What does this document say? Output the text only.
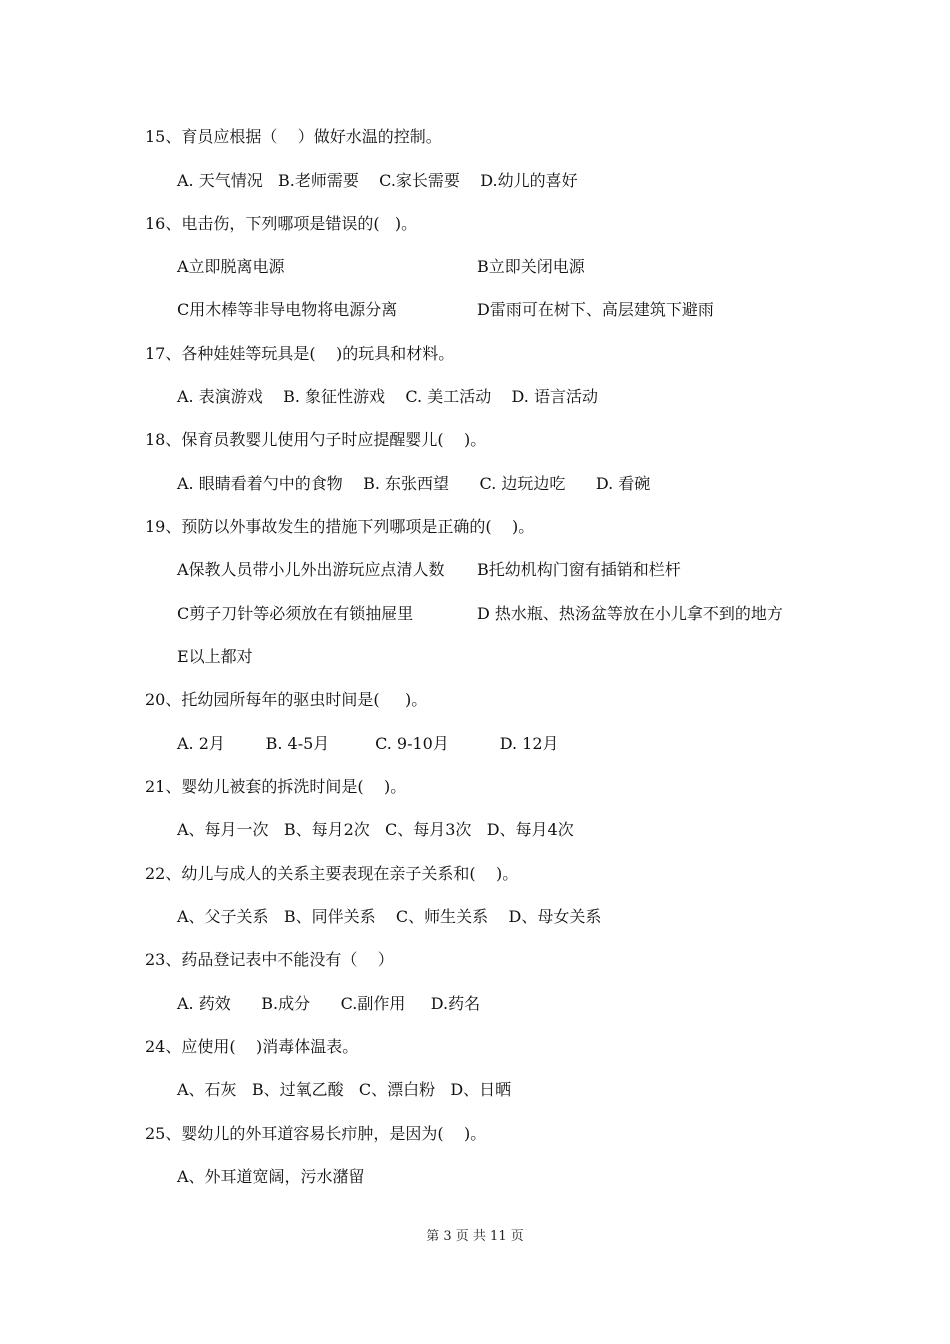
15、育员应根据（    ）做好水温的控制。
A. 天气情况   B.老师需要    C.家长需要    D.幼儿的喜好
16、电击伤，下列哪项是错误的(   )。
A立即脱离电源	B立即关闭电源
C用木棒等非导电物将电源分离	D雷雨可在树下、高层建筑下避雨
17、各种娃娃等玩具是(    )的玩具和材料。
A. 表演游戏    B. 象征性游戏    C. 美工活动    D. 语言活动
18、保育员教婴儿使用勺子时应提醒婴儿(    )。
A. 眼睛看着勺中的食物    B. 东张西望      C. 边玩边吃      D. 看碗
19、预防以外事故发生的措施下列哪项是正确的(    )。
A保教人员带小儿外出游玩应点清人数 B托幼机构门窗有插销和栏杆
C剪子刀针等必须放在有锁抽屉里	D 热水瓶、热汤盆等放在小儿拿不到的地方
E以上都对
20、托幼园所每年的驱虫时间是(     )。
A. 2月        B. 4-5月         C. 9-10月          D. 12月
21、婴幼儿被套的拆洗时间是(    )。
A、每月一次   B、每月2次   C、每月3次   D、每月4次
22、幼儿与成人的关系主要表现在亲子关系和(    )。
A、父子关系   B、同伴关系    C、师生关系    D、母女关系
23、药品登记表中不能没有（    ）
A. 药效      B.成分      C.副作用     D.药名
24、应使用(    )消毒体温表。
A、石灰   B、过氧乙酸   C、漂白粉   D、日晒
25、婴幼儿的外耳道容易长疖肿，是因为(    )。
A、外耳道宽阔，污水潴留
第 3 页 共 11 页
